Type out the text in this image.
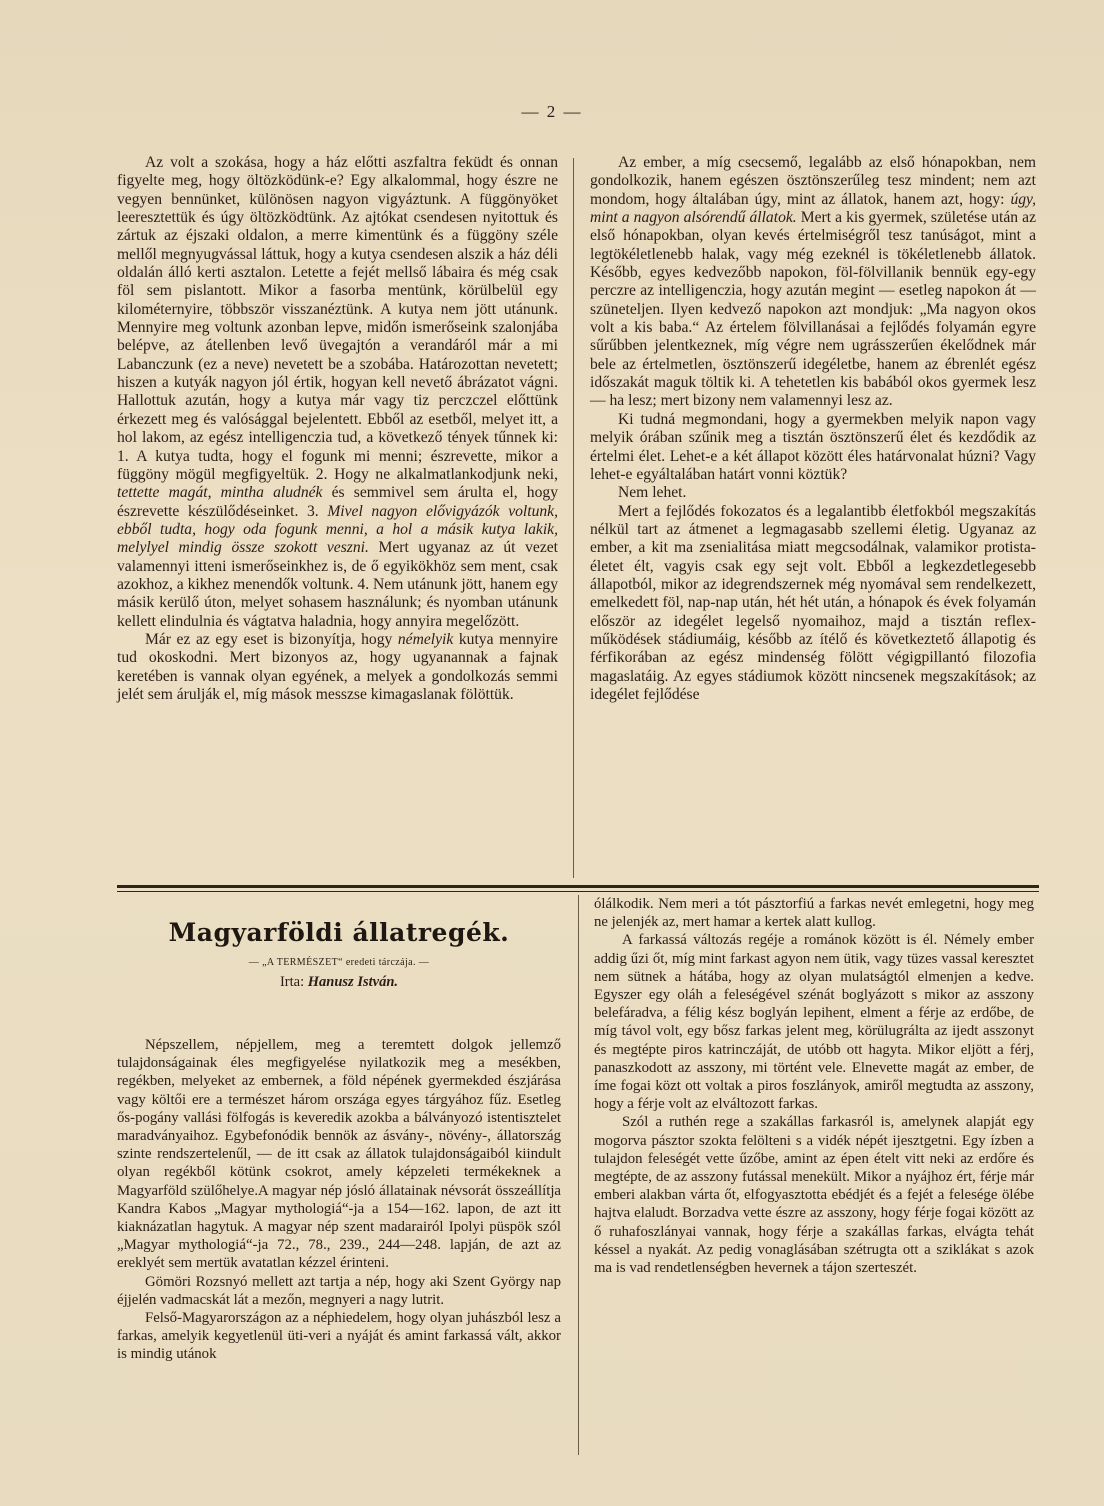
— 2 —

Az volt a szokása, hogy a ház előtti aszfaltra feküdt és onnan figyelte meg, hogy öltözködünk-e? Egy alkalommal, hogy észre ne vegyen bennünket, különösen nagyon vigyáztunk. A függönyöket leeresztettük és úgy öltözködtünk. Az ajtókat csendesen nyitottuk és zártuk az éjszaki oldalon, a merre kimentünk és a függöny széle mellől megnyugvással láttuk, hogy a kutya csendesen alszik a ház déli oldalán álló kerti asztalon. Letette a fejét mellső lábaira és még csak föl sem pislantott. Mikor a fasorba mentünk, körülbelül egy kilométernyire, többször visszanéztünk. A kutya nem jött utánunk. Mennyire meg voltunk azonban lepve, midőn ismerőseink szalonjába belépve, az átellenben levő üvegajtón a verandáról már a mi Labanczunk (ez a neve) nevetett be a szobába. Határozottan nevetett; hiszen a kutyák nagyon jól értik, hogyan kell nevető ábrázatot vágni. Hallottuk azután, hogy a kutya már vagy tiz perczczel előttünk érkezett meg és valósággal bejelentett. Ebből az esetből, melyet itt, a hol lakom, az egész intelligenczia tud, a következő tények tűnnek ki: 1. A kutya tudta, hogy el fogunk mi menni; észrevette, mikor a függöny mögül megfigyeltük. 2. Hogy ne alkalmatlankodjunk neki, tettette magát, mintha aludnék és semmivel sem árulta el, hogy észrevette készülődéseinket. 3. Mivel nagyon elővigyázók voltunk, ebből tudta, hogy oda fogunk menni, a hol a másik kutya lakik, melylyel mindig össze szokott veszni. Mert ugyanaz az út vezet valamennyi itteni ismerőseinkhez is, de ő egyikökhöz sem ment, csak azokhoz, a kikhez menendők voltunk. 4. Nem utánunk jött, hanem egy másik kerülő úton, melyet sohasem használunk; és nyomban utánunk kellett elindulnia és vágtatva haladnia, hogy annyira megelőzött.

Már ez az egy eset is bizonyítja, hogy némelyik kutya mennyire tud okoskodni. Mert bizonyos az, hogy ugyanannak a fajnak keretében is vannak olyan egyének, a melyek a gondolkozás semmi jelét sem árulják el, míg mások messzse kimagaslanak fölöttük.

Az ember, a míg csecsemő, legalább az első hónapokban, nem gondolkozik, hanem egészen ösztönszerűleg tesz mindent; nem azt mondom, hogy általában úgy, mint az állatok, hanem azt, hogy: úgy, mint a nagyon alsórendű állatok. Mert a kis gyermek, születése után az első hónapokban, olyan kevés értelmiségről tesz tanúságot, mint a legtökéletlenebb halak, vagy még ezeknél is tökéletlenebb állatok. Később, egyes kedvezőbb napokon, föl-fölvillanik bennük egy-egy perczre az intelligenczia, hogy azután megint — esetleg napokon át — szüneteljen. Ilyen kedvező napokon azt mondjuk: „Ma nagyon okos volt a kis baba.“ Az értelem fölvillanásai a fejlődés folyamán egyre sűrűbben jelentkeznek, míg végre nem ugrásszerűen ékelődnek már bele az értelmetlen, ösztönszerű idegéletbe, hanem az ébrenlét egész időszakát maguk töltik ki. A tehetetlen kis babából okos gyermek lesz — ha lesz; mert bizony nem valamennyi lesz az.

Ki tudná megmondani, hogy a gyermekben melyik napon vagy melyik órában szűnik meg a tisztán ösztönszerű élet és kezdődik az értelmi élet. Lehet-e a két állapot között éles határvonalat húzni? Vagy lehet-e egyáltalában határt vonni köztük?

Nem lehet.

Mert a fejlődés fokozatos és a legalantibb életfokból megszakítás nélkül tart az átmenet a legmagasabb szellemi életig. Ugyanaz az ember, a kit ma zsenialitása miatt megcsodálnak, valamikor protista-életet élt, vagyis csak egy sejt volt. Ebből a legkezdetlegesebb állapotból, mikor az idegrendszernek még nyomával sem rendelkezett, emelkedett föl, nap-nap után, hét hét után, a hónapok és évek folyamán először az idegélet legelső nyomaihoz, majd a tisztán reflex-működések stádiumáig, később az ítélő és következtető állapotig és férfikorában az egész mindenség fölött végigpillantó filozofia magaslatáig. Az egyes stádiumok között nincsenek megszakítások; az idegélet fejlődése

Magyarföldi állatregék.
— „A TERMÉSZET“ eredeti tárczája. —
Irta: Hanusz István.

Népszellem, népjellem, meg a teremtett dolgok jellemző tulajdonságainak éles megfigyelése nyilatkozik meg a mesékben, regékben, melyeket az embernek, a föld népének gyermekded észjárása vagy költői ere a természet három országa egyes tárgyához fűz. Esetleg ős-pogány vallási fölfogás is keveredik azokba a bálványozó istentisztelet maradványaihoz. Egybefonódik bennök az ásvány-, növény-, állatország szinte rendszertelenűl, — de itt csak az állatok tulajdonságaiból kiindult olyan regékből kötünk csokrot, amely képzeleti termékeknek a Magyarföld szülőhelye.A magyar nép jósló állatainak névsorát összeállítja Kandra Kabos „Magyar mythologiá“-ja a 154—162. lapon, de azt itt kiaknázatlan hagytuk. A magyar nép szent madarairól Ipolyi püspök szól „Magyar mythologiá“-ja 72., 78., 239., 244—248. lapján, de azt az ereklyét sem mertük avatatlan kézzel érinteni.

Gömöri Rozsnyó mellett azt tartja a nép, hogy aki Szent György nap éjjelén vadmacskát lát a mezőn, megnyeri a nagy lutrit.

Felső-Magyarországon az a néphiedelem, hogy olyan juhászból lesz a farkas, amelyik kegyetlenül üti-veri a nyáját és amint farkassá vált, akkor is mindig utánok

ólálkodik. Nem meri a tót pásztorfiú a farkas nevét emlegetni, hogy meg ne jelenjék az, mert hamar a kertek alatt kullog.

A farkassá változás regéje a románok között is él. Némely ember addig űzi őt, míg mint farkast agyon nem ütik, vagy tüzes vassal keresztet nem sütnek a hátába, hogy az olyan mulatságtól elmenjen a kedve. Egyszer egy oláh a feleségével szénát boglyázott s mikor az asszony belefáradva, a félig kész boglyán lepihent, elment a férje az erdőbe, de míg távol volt, egy bősz farkas jelent meg, körülugrálta az ijedt asszonyt és megtépte piros katrinczáját, de utóbb ott hagyta. Mikor eljött a férj, panaszkodott az asszony, mi történt vele. Elnevette magát az ember, de íme fogai közt ott voltak a piros foszlányok, amiről megtudta az asszony, hogy a férje volt az elváltozott farkas.

Szól a ruthén rege a szakállas farkasról is, amelynek alapját egy mogorva pásztor szokta felölteni s a vidék népét ijesztgetni. Egy ízben a tulajdon feleségét vette űzőbe, amint az épen ételt vitt neki az erdőre és megtépte, de az asszony futással menekült. Mikor a nyájhoz ért, férje már emberi alakban várta őt, elfogyasztotta ebédjét és a fejét a felesége ölébe hajtva elaludt. Borzadva vette észre az asszony, hogy férje fogai között az ő ruhafoszlányai vannak, hogy férje a szakállas farkas, elvágta tehát késsel a nyakát. Az pedig vonaglásában szétrugta ott a sziklákat s azok ma is vad rendetlenségben hevernek a tájon szerteszét.
